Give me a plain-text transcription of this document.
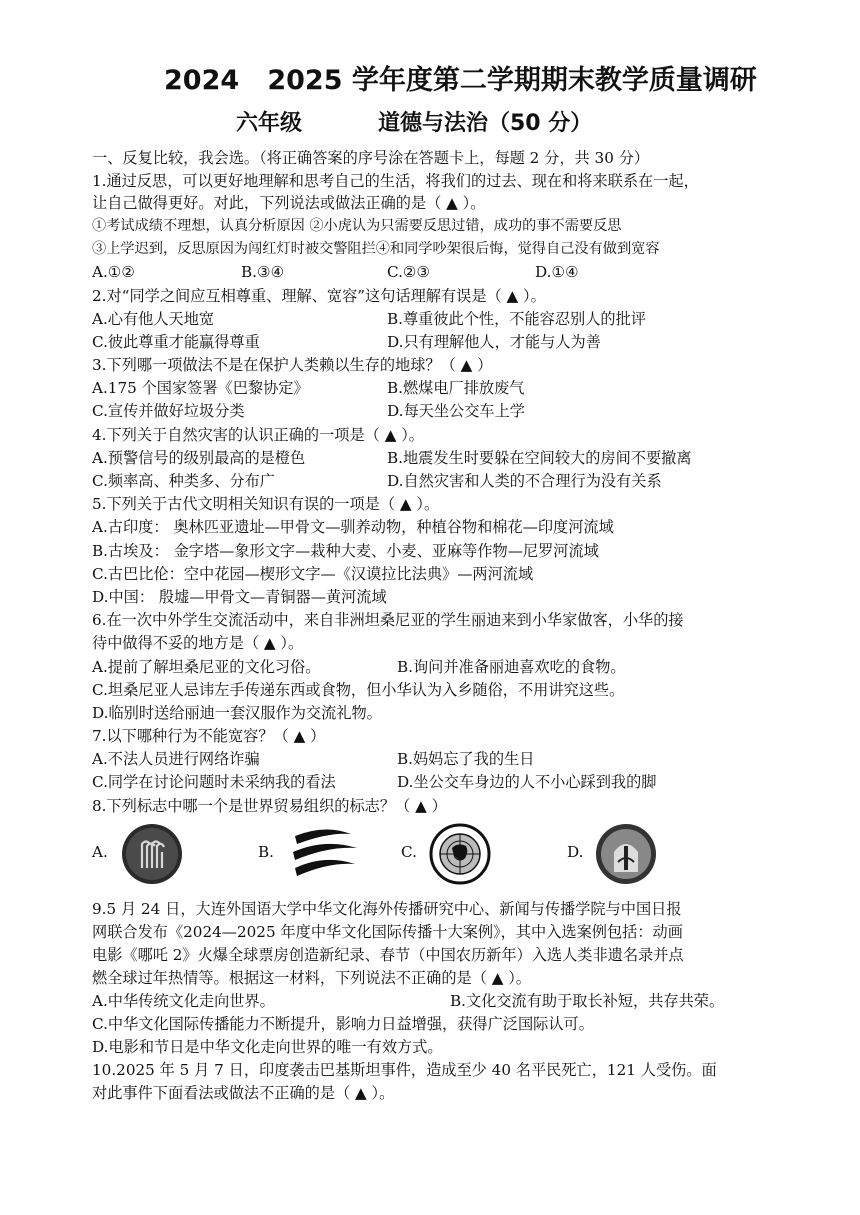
2024   2025 学年度第二学期期末教学质量调研
六年级	道德与法治（50 分）
一、反复比较，我会选。（将正确答案的序号涂在答题卡上，每题 2 分，共 30 分）
1.通过反思，可以更好地理解和思考自己的生活，将我们的过去、现在和将来联系在一起，
让自己做得更好。对此，下列说法或做法正确的是（ ▲ ）。
①考试成绩不理想，认真分析原因 ②小虎认为只需要反思过错，成功的事不需要反思
③上学迟到，反思原因为闯红灯时被交警阻拦④和同学吵架很后悔，觉得自己没有做到宽容
A.①②	B.③④	C.②③	D.①④
2.对“同学之间应互相尊重、理解、宽容”这句话理解有误是（ ▲ ）。
A.心有他人天地宽	B.尊重彼此个性，不能容忍别人的批评
C.彼此尊重才能赢得尊重	D.只有理解他人，才能与人为善
3.下列哪一项做法不是在保护人类赖以生存的地球？（ ▲ ）
A.175 个国家签署《巴黎协定》	B.燃煤电厂排放废气
C.宣传并做好垃圾分类	D.每天坐公交车上学
4.下列关于自然灾害的认识正确的一项是（ ▲ ）。
A.预警信号的级别最高的是橙色	B.地震发生时要躲在空间较大的房间不要撤离
C.频率高、种类多、分布广	D.自然灾害和人类的不合理行为没有关系
5.下列关于古代文明相关知识有误的一项是（ ▲ ）。
A.古印度： 奥林匹亚遗址—甲骨文—驯养动物，种植谷物和棉花—印度河流域
B.古埃及： 金字塔—象形文字—栽种大麦、小麦、亚麻等作物—尼罗河流域
C.古巴比伦：空中花园—楔形文字—《汉谟拉比法典》—两河流域
D.中国： 殷墟—甲骨文—青铜器—黄河流域
6.在一次中外学生交流活动中，来自非洲坦桑尼亚的学生丽迪来到小华家做客，小华的接
待中做得不妥的地方是（ ▲ ）。
A.提前了解坦桑尼亚的文化习俗。	B.询问并准备丽迪喜欢吃的食物。
C.坦桑尼亚人忌讳左手传递东西或食物，但小华认为入乡随俗，不用讲究这些。
D.临别时送给丽迪一套汉服作为交流礼物。
7.以下哪种行为不能宽容？（ ▲ ）
A.不法人员进行网络诈骗	B.妈妈忘了我的生日
C.同学在讨论问题时未采纳我的看法	D.坐公交车身边的人不小心踩到我的脚
8.下列标志中哪一个是世界贸易组织的标志？（ ▲ ）
A.	B.	C.	D.
9.5 月 24 日，大连外国语大学中华文化海外传播研究中心、新闻与传播学院与中国日报
网联合发布《2024—2025 年度中华文化国际传播十大案例》，其中入选案例包括：动画
电影《哪吒 2》火爆全球票房创造新纪录、春节（中国农历新年）入选人类非遗名录并点
燃全球过年热情等。根据这一材料，下列说法不正确的是（ ▲ ）。
A.中华传统文化走向世界。	B.文化交流有助于取长补短，共存共荣。
C.中华文化国际传播能力不断提升，影响力日益增强，获得广泛国际认可。
D.电影和节日是中华文化走向世界的唯一有效方式。
10.2025 年 5 月 7 日，印度袭击巴基斯坦事件，造成至少 40 名平民死亡，121 人受伤。面
对此事件下面看法或做法不正确的是（ ▲ ）。
